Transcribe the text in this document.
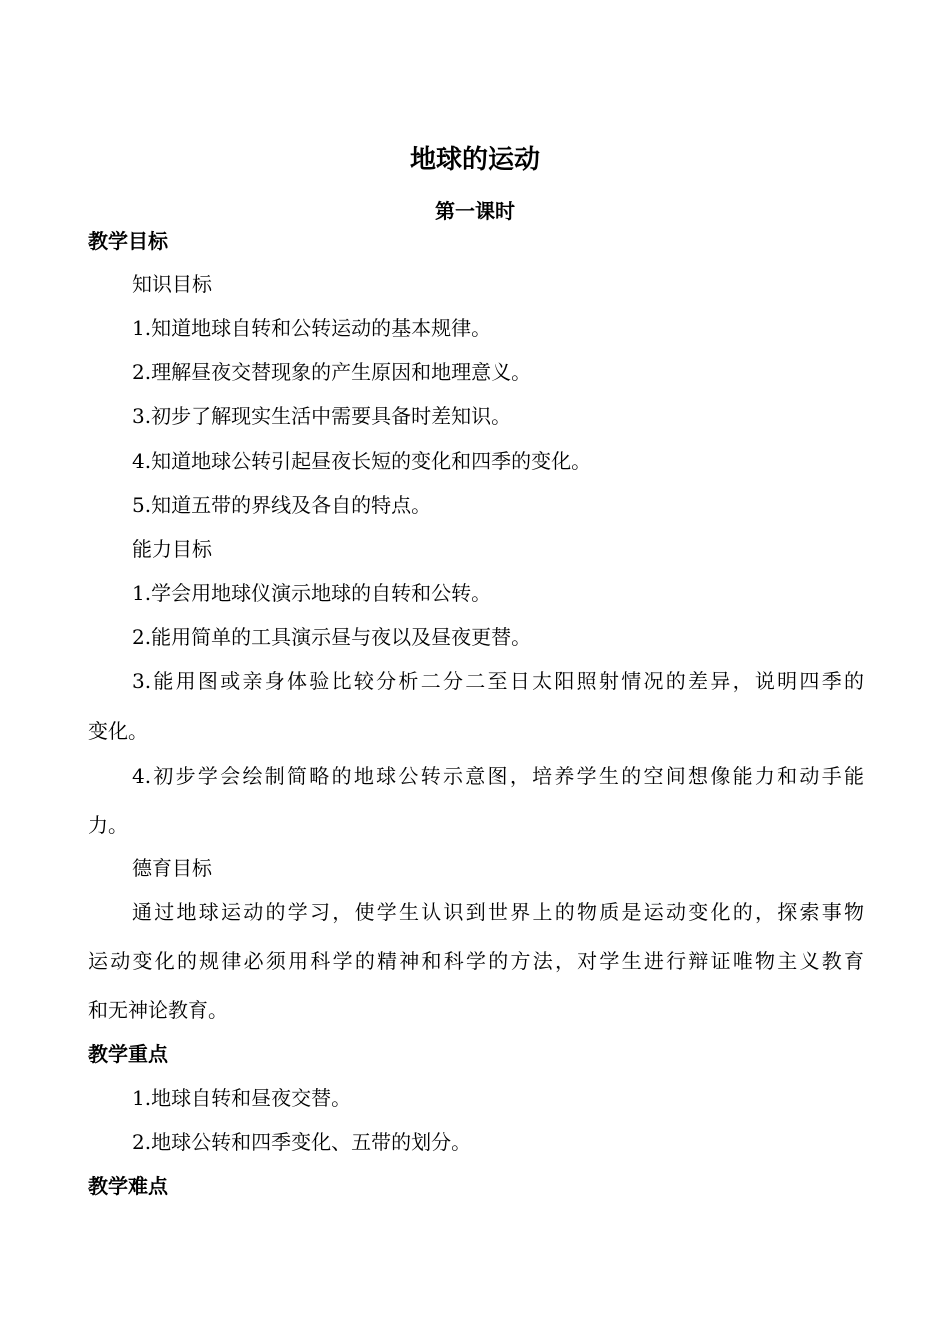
地球的运动
第一课时
教学目标
知识目标
1.知道地球自转和公转运动的基本规律。
2.理解昼夜交替现象的产生原因和地理意义。
3.初步了解现实生活中需要具备时差知识。
4.知道地球公转引起昼夜长短的变化和四季的变化。
5.知道五带的界线及各自的特点。
能力目标
1.学会用地球仪演示地球的自转和公转。
2.能用简单的工具演示昼与夜以及昼夜更替。
3.能用图或亲身体验比较分析二分二至日太阳照射情况的差异，说明四季的
变化。
4.初步学会绘制简略的地球公转示意图，培养学生的空间想像能力和动手能
力。
德育目标
通过地球运动的学习，使学生认识到世界上的物质是运动变化的，探索事物
运动变化的规律必须用科学的精神和科学的方法，对学生进行辩证唯物主义教育
和无神论教育。
教学重点
1.地球自转和昼夜交替。
2.地球公转和四季变化、五带的划分。
教学难点
